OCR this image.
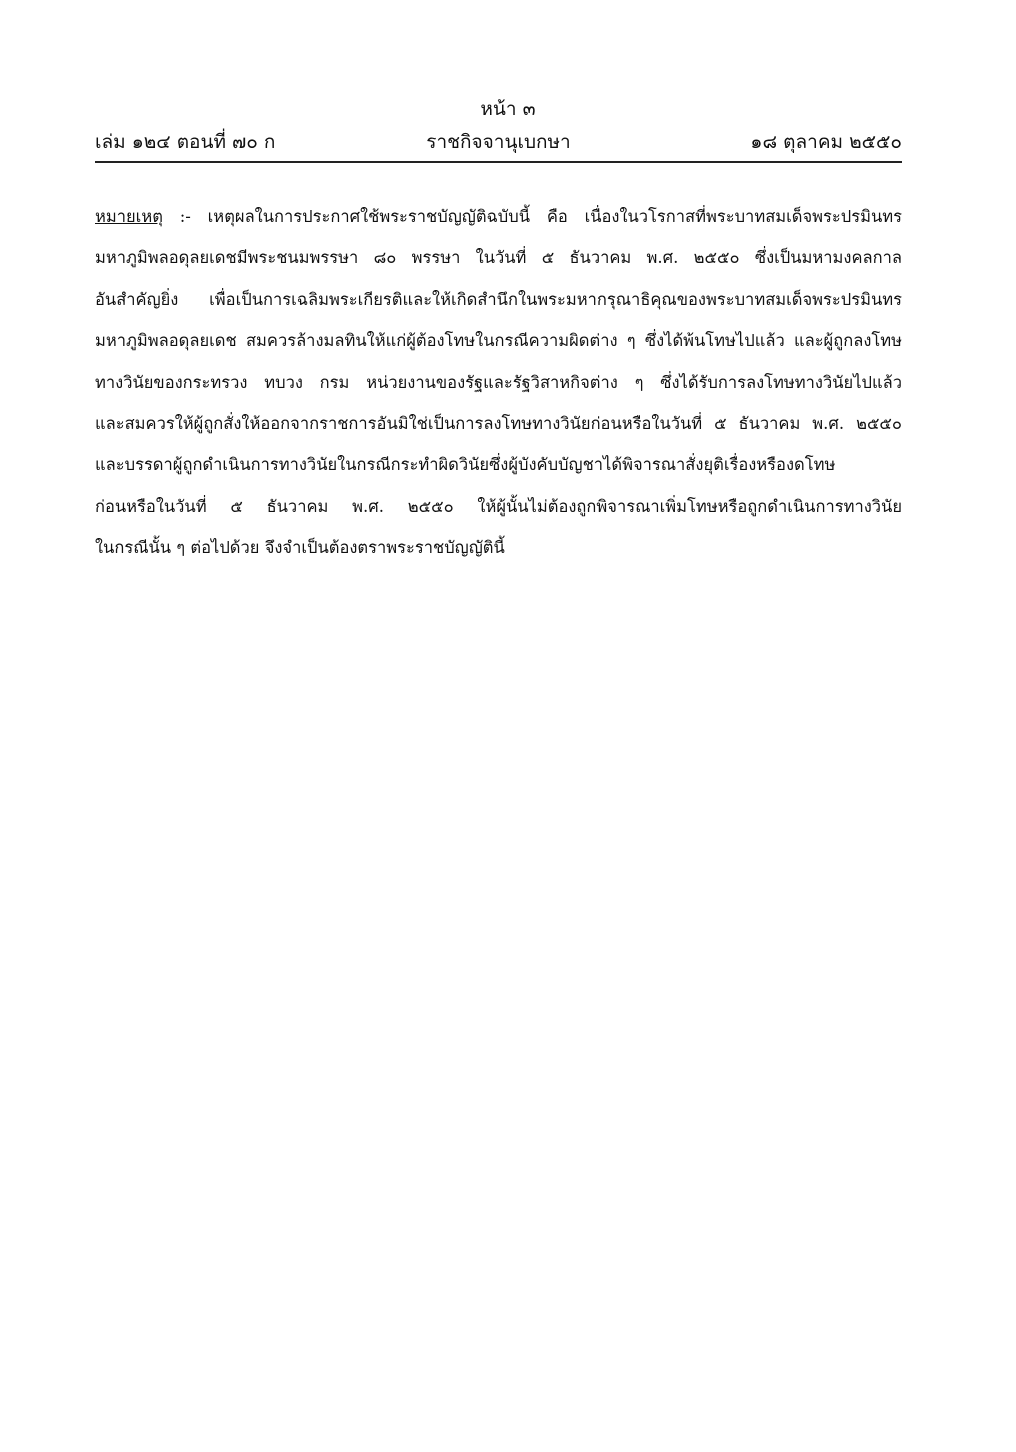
หน้า ๓
เล่ม ๑๒๔ ตอนที่ ๗๐ ก	ราชกิจจานุเบกษา	๑๘ ตุลาคม ๒๕๕๐
หมายเหตุ :- เหตุผลในการประกาศใช้พระราชบัญญัติฉบับนี้ คือ เนื่องในวโรกาสที่พระบาทสมเด็จพระปรมินทร
มหาภูมิพลอดุลยเดชมีพระชนมพรรษา ๘๐ พรรษา ในวันที่ ๕ ธันวาคม พ.ศ. ๒๕๕๐ ซึ่งเป็นมหามงคลกาล
อันสำคัญยิ่ง เพื่อเป็นการเฉลิมพระเกียรติและให้เกิดสำนึกในพระมหากรุณาธิคุณของพระบาทสมเด็จพระปรมินทร
มหาภูมิพลอดุลยเดช สมควรล้างมลทินให้แก่ผู้ต้องโทษในกรณีความผิดต่าง ๆ ซึ่งได้พ้นโทษไปแล้ว และผู้ถูกลงโทษ
ทางวินัยของกระทรวง ทบวง กรม หน่วยงานของรัฐและรัฐวิสาหกิจต่าง ๆ ซึ่งได้รับการลงโทษทางวินัยไปแล้ว
และสมควรให้ผู้ถูกสั่งให้ออกจากราชการอันมิใช่เป็นการลงโทษทางวินัยก่อนหรือในวันที่ ๕ ธันวาคม พ.ศ. ๒๕๕๐
และบรรดาผู้ถูกดำเนินการทางวินัยในกรณีกระทำผิดวินัยซึ่งผู้บังคับบัญชาได้พิจารณาสั่งยุติเรื่องหรืองดโทษ
ก่อนหรือในวันที่ ๕ ธันวาคม พ.ศ. ๒๕๕๐ ให้ผู้นั้นไม่ต้องถูกพิจารณาเพิ่มโทษหรือถูกดำเนินการทางวินัย
ในกรณีนั้น ๆ ต่อไปด้วย จึงจำเป็นต้องตราพระราชบัญญัตินี้
